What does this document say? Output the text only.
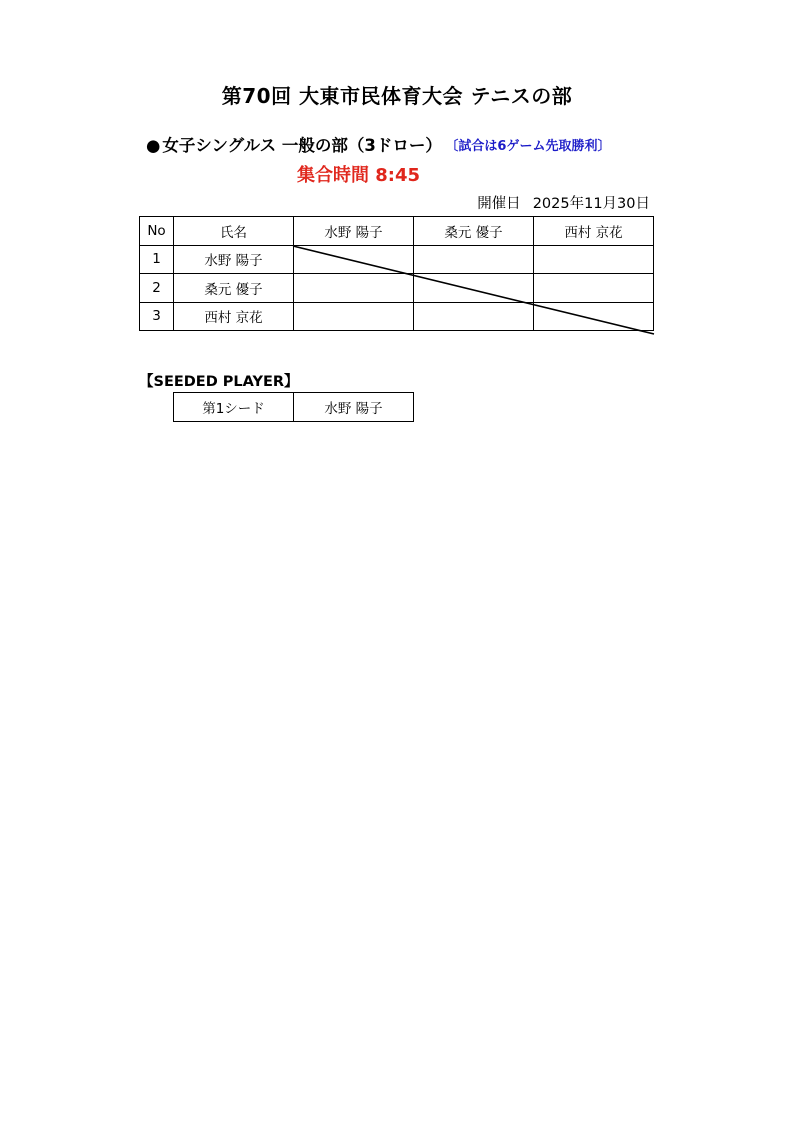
第70回 大東市民体育大会 テニスの部
● 女子シングルス 一般の部（3ドロー） 〔試合は6ゲーム先取勝利〕
集合時間 8:45
開催日 2025年11月30日
No	氏名	水野 陽子	桑元 優子	西村 京花
1	水野 陽子			
2	桑元 優子			
3	西村 京花			
【SEEDED PLAYER】
第1シード	水野 陽子
